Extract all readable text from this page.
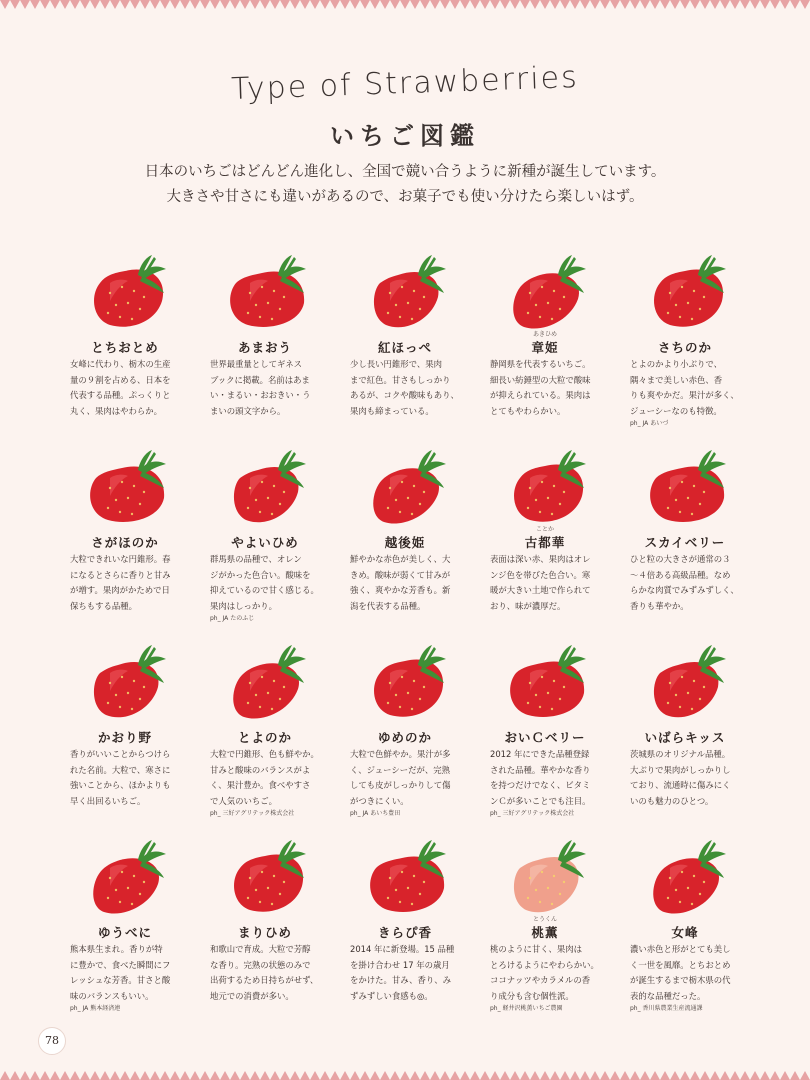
Type of Strawberries
いちご図鑑
日本のいちごはどんどん進化し、全国で競い合うように新種が誕生しています。
大きさや甘さにも違いがあるので、お菓子でも使い分けたら楽しいはず。
とちおとめ
女峰に代わり、栃木の生産
量の９割を占める、日本を
代表する品種。ぷっくりと
丸く、果肉はやわらか。
あまおう
世界最重量としてギネス
ブックに掲載。名前はあま
い・まるい・おおきい・う
まいの頭文字から。
紅ほっぺ
少し長い円錐形で、果肉
まで紅色。甘さもしっかり
あるが、コクや酸味もあり、
果肉も締まっている。
あきひめ
章姫
静岡県を代表するいちご。
細長い紡錘型の大粒で酸味
が抑えられている。果肉は
とてもやわらかい。
さちのか
とよのかより小ぶりで、
隅々まで美しい赤色、香
りも爽やかだ。果汁が多く、
ジューシーなのも特徴。
ph_ JA あいづ
さがほのか
大粒できれいな円錐形。春
になるとさらに香りと甘み
が増す。果肉がかためで日
保ちもする品種。
やよいひめ
群馬県の品種で、オレン
ジがかった色合い。酸味を
抑えているので甘く感じる。
果肉はしっかり。
ph_ JA たのふじ
越後姫
鮮やかな赤色が美しく、大
きめ。酸味が弱くて甘みが
強く、爽やかな芳香も。新
潟を代表する品種。
ことか
古都華
表面は深い赤、果肉はオレ
ンジ色を帯びた色合い。寒
暖が大きい土地で作られて
おり、味が濃厚だ。
スカイベリー
ひと粒の大きさが通常の３
～４倍ある高級品種。なめ
らかな肉質でみずみずしく、
香りも華やか。
かおり野
香りがいいことからつけら
れた名前。大粒で、寒さに
強いことから、ほかよりも
早く出回るいちご。
とよのか
大粒で円錐形、色も鮮やか。
甘みと酸味のバランスがよ
く、果汁豊か。食べやすさ
で人気のいちご。
ph_ 三好アグリテック株式会社
ゆめのか
大粒で色鮮やか。果汁が多
く、ジューシーだが、完熟
しても皮がしっかりして傷
がつきにくい。
ph_ JA あいち豊田
おいＣベリー
2012 年にできた品種登録
された品種。華やかな香り
を持つだけでなく、ビタミ
ンＣが多いことでも注目。
ph_ 三好アグリテック株式会社
いばらキッス
茨城県のオリジナル品種。
大ぶりで果肉がしっかりし
ており、流通時に傷みにく
いのも魅力のひとつ。
ゆうべに
熊本県生まれ。香りが特
に豊かで、食べた瞬間にフ
レッシュな芳香。甘さと酸
味のバランスもいい。
ph_ JA 熊本経済連
まりひめ
和歌山で育成。大粒で芳醇
な香り。完熟の状態のみで
出荷するため日持ちがせず、
地元での消費が多い。
きらぴ香
2014 年に新登場。15 品種
を掛け合わせ 17 年の歳月
をかけた。甘み、香り、み
ずみずしい食感も◎。
とうくん
桃薫
桃のように甘く、果肉は
とろけるようにやわらかい。
ココナッツやカラメルの香
り成分も含む個性派。
ph_ 軽井沢桃薫いちご農園
女峰
濃い赤色と形がとても美し
く一世を風靡。とちおとめ
が誕生するまで栃木県の代
表的な品種だった。
ph_ 香川県農業生産流通課
78
